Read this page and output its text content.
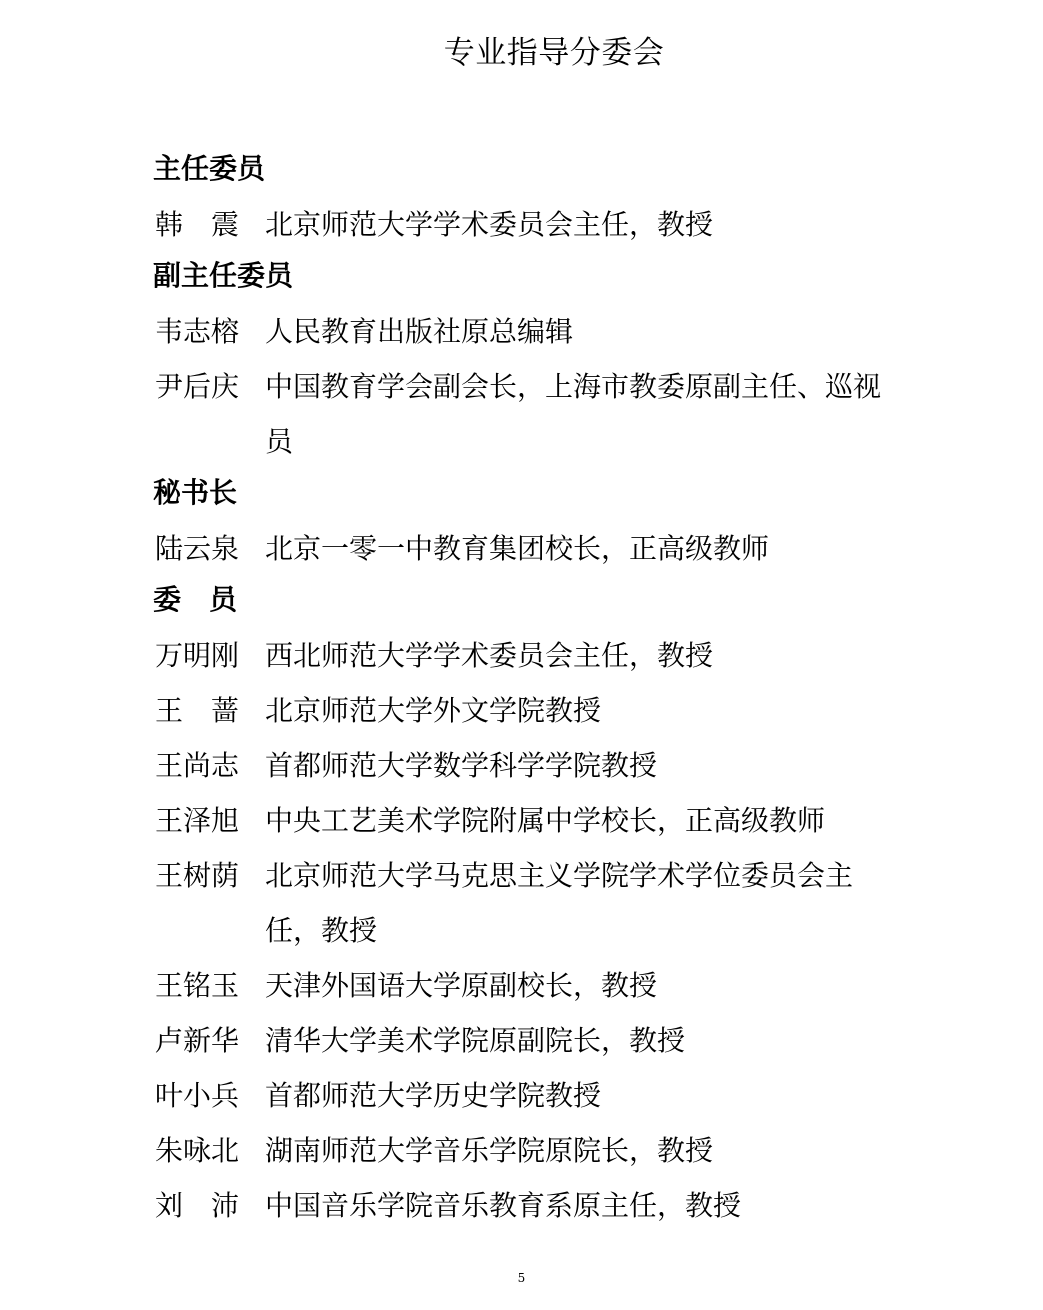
专业指导分委会
主任委员
韩震
北京师范大学学术委员会主任，教授
副主任委员
韦志榕 人民教育出版社原总编辑
尹后庆 中国教育学会副会长，上海市教委原副主任、巡视员
秘书长
陆云泉 北京一零一中教育集团校长，正高级教师
委员
万明刚 西北师范大学学术委员会主任，教授
王蔷
北京师范大学外文学院教授
王尚志 首都师范大学数学科学学院教授
王泽旭 中央工艺美术学院附属中学校长，正高级教师
王树荫 北京师范大学马克思主义学院学术学位委员会主任，教授
王铭玉 天津外国语大学原副校长，教授
卢新华 清华大学美术学院原副院长，教授
叶小兵 首都师范大学历史学院教授
朱咏北 湖南师范大学音乐学院原院长，教授
刘沛
中国音乐学院音乐教育系原主任，教授
5
